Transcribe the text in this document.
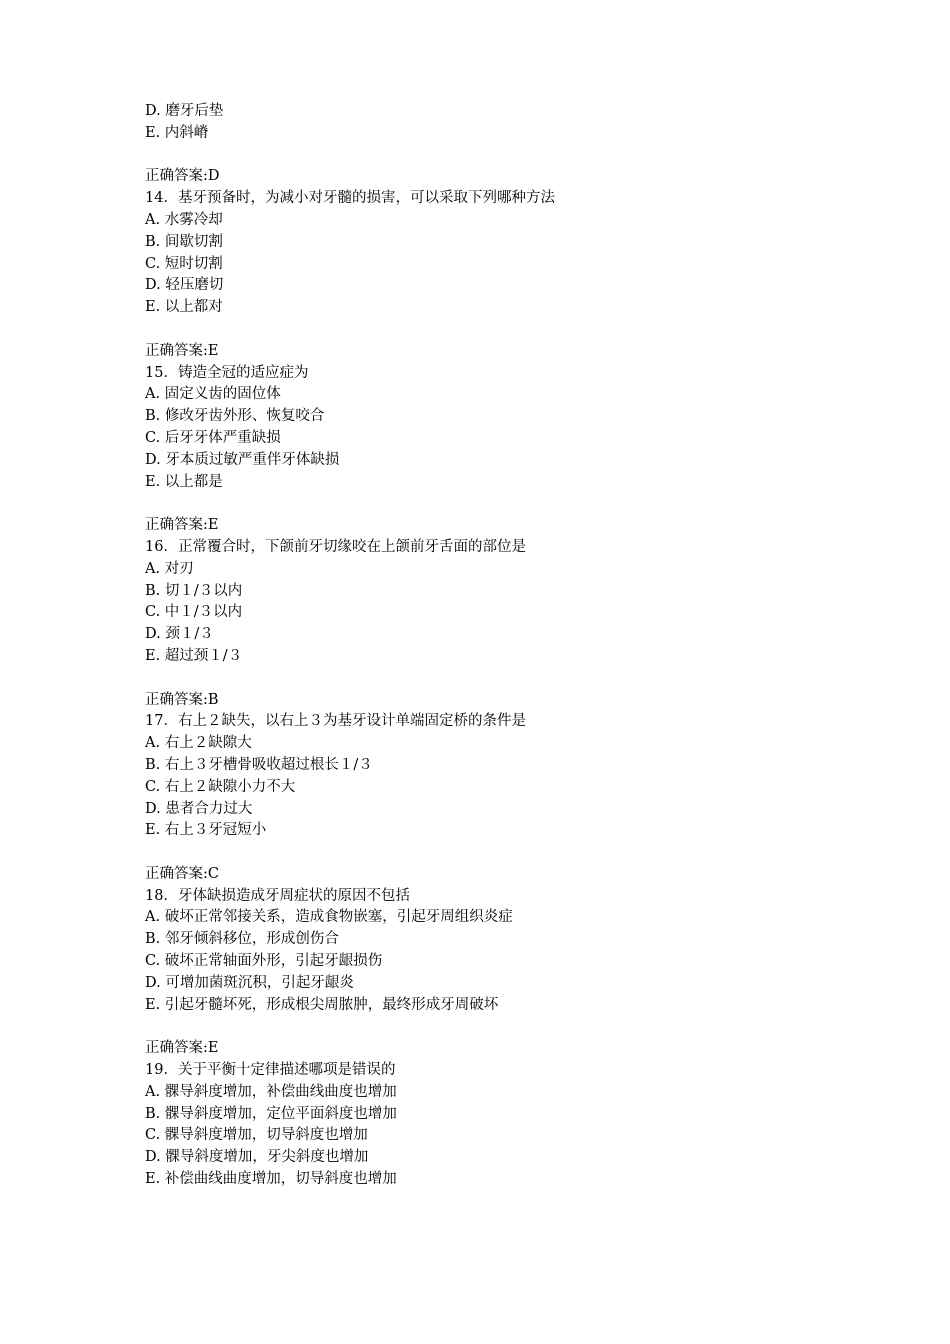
D. 磨牙后垫
E. 内斜嵴
正确答案:D
14．基牙预备时，为减小对牙髓的损害，可以采取下列哪种方法
A. 水雾冷却
B. 间歇切割
C. 短时切割
D. 轻压磨切
E. 以上都对
正确答案:E
15．铸造全冠的适应症为
A. 固定义齿的固位体
B. 修改牙齿外形、恢复咬合
C. 后牙牙体严重缺损
D. 牙本质过敏严重伴牙体缺损
E. 以上都是
正确答案:E
16．正常覆合时，下颌前牙切缘咬在上颌前牙舌面的部位是
A. 对刃
B. 切１/３以内
C. 中１/３以内
D. 颈１/３
E. 超过颈１/３
正确答案:B
17．右上２缺失，以右上３为基牙设计单端固定桥的条件是
A. 右上２缺隙大
B. 右上３牙槽骨吸收超过根长１/３
C. 右上２缺隙小力不大
D. 患者合力过大
E. 右上３牙冠短小
正确答案:C
18．牙体缺损造成牙周症状的原因不包括
A. 破坏正常邻接关系，造成食物嵌塞，引起牙周组织炎症
B. 邻牙倾斜移位，形成创伤合
C. 破坏正常轴面外形，引起牙龈损伤
D. 可增加菌斑沉积，引起牙龈炎
E. 引起牙髓坏死，形成根尖周脓肿，最终形成牙周破坏
正确答案:E
19．关于平衡十定律描述哪项是错误的
A. 髁导斜度增加，补偿曲线曲度也增加
B. 髁导斜度增加，定位平面斜度也增加
C. 髁导斜度增加，切导斜度也增加
D. 髁导斜度增加，牙尖斜度也增加
E. 补偿曲线曲度增加，切导斜度也增加
